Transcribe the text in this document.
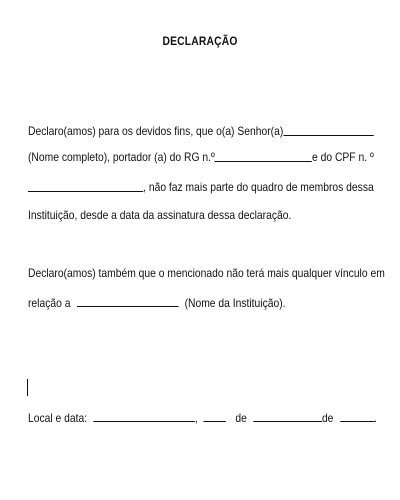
DECLARAÇÃO
Declaro(amos) para os devidos fins, que o(a) Senhor(a)
(Nome completo), portador (a) do RG n.º	e do CPF n. º
, não faz mais parte do quadro de membros dessa
Instituição, desde a data da assinatura dessa declaração.
Declaro(amos) também que o mencionado não terá mais qualquer vínculo em
relação a	(Nome da Instituição).
Local e data:	,	de	de	.
